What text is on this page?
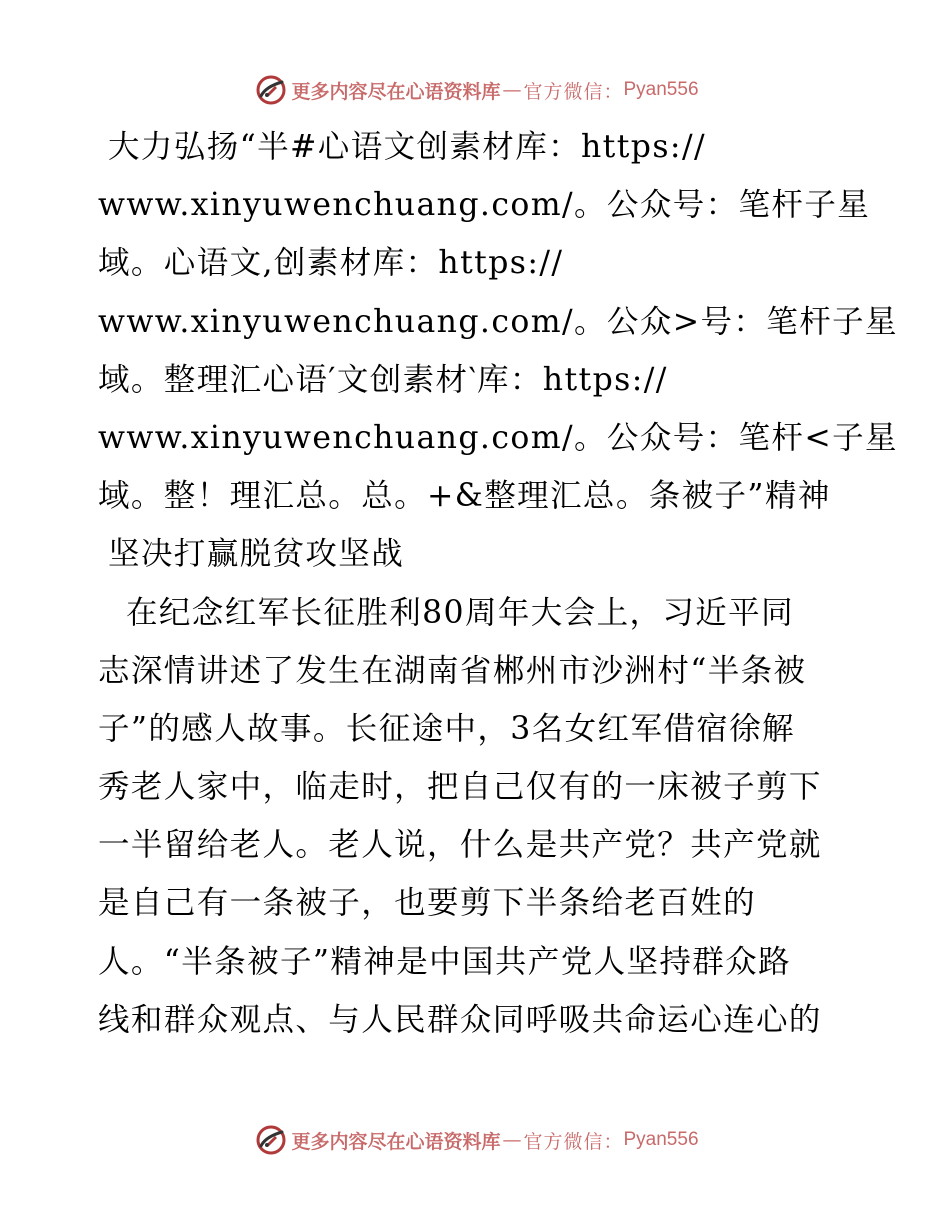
更多内容尽在心语资料库 — 官方微信： Pyan556
大力弘扬“半#心语文创素材库：https://
www.xinyuwenchuang.com/。公众号：笔杆子星
域。心语文,创素材库：https://
www.xinyuwenchuang.com/。公众>号：笔杆子星
域。整理汇心语′文创素材‵库：https://
www.xinyuwenchuang.com/。公众号：笔杆<子星
域。整！理汇总。总。+&整理汇总。条被子”精神
坚决打赢脱贫攻坚战
在纪念红军长征胜利80周年大会上，习近平同
志深情讲述了发生在湖南省郴州市沙洲村“半条被
子”的感人故事。长征途中，3名女红军借宿徐解
秀老人家中，临走时，把自己仅有的一床被子剪下
一半留给老人。老人说，什么是共产党？共产党就
是自己有一条被子，也要剪下半条给老百姓的
人。“半条被子”精神是中国共产党人坚持群众路
线和群众观点、与人民群众同呼吸共命运心连心的
更多内容尽在心语资料库 — 官方微信： Pyan556
